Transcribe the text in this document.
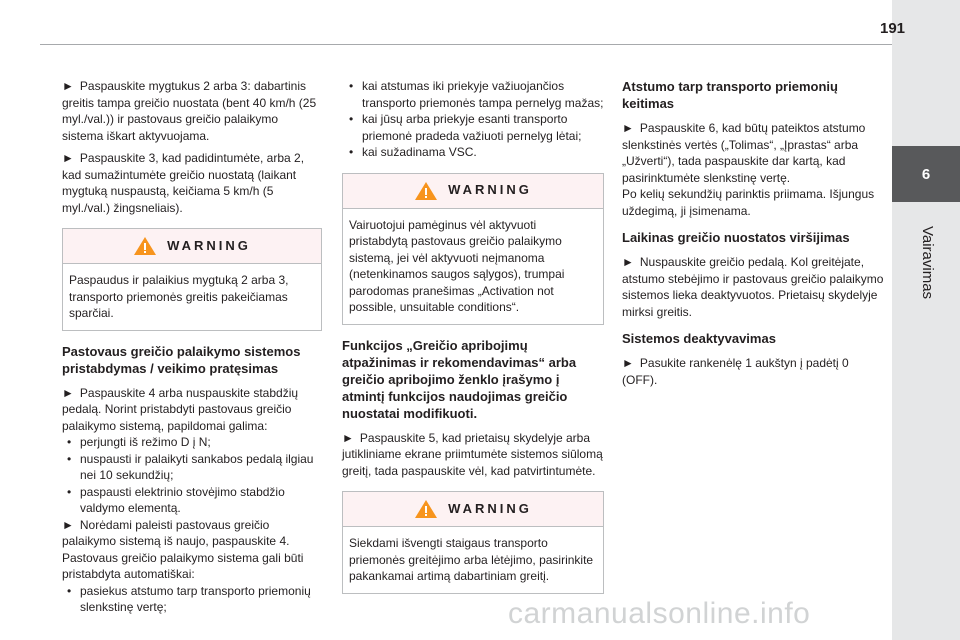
6
Vairavimas
191

► Paspauskite mygtukus 2 arba 3: dabartinis greitis tampa greičio nuostata (bent 40 km/h (25 myl./val.)) ir pastovaus greičio palaikymo sistema iškart aktyvuojama.

► Paspauskite 3, kad padidintumėte, arba 2, kad sumažintumėte greičio nuostatą (laikant mygtuką nuspaustą, keičiama 5 km/h (5 myl./val.) žingsneliais).

WARNING
Paspaudus ir palaikius mygtuką 2 arba 3, transporto priemonės greitis pakeičiamas sparčiai.
Pastovaus greičio palaikymo sistemos pristabdymas / veikimo pratęsimas

► Paspauskite 4 arba nuspauskite stabdžių pedalą. Norint pristabdyti pastovaus greičio palaikymo sistemą, papildomai galima:

• perjungti iš režimo D į N;
• nuspausti ir palaikyti sankabos pedalą ilgiau nei 10 sekundžių;
• paspausti elektrinio stovėjimo stabdžio valdymo elementą.

► Norėdami paleisti pastovaus greičio palaikymo sistemą iš naujo, paspauskite 4.

Pastovaus greičio palaikymo sistema gali būti pristabdyta automatiškai:

• pasiekus atstumo tarp transporto priemonių slenkstinę vertę;
• kai atstumas iki priekyje važiuojančios transporto priemonės tampa pernelyg mažas;
• kai jūsų arba priekyje esanti transporto priemonė pradeda važiuoti pernelyg lėtai;
• kai sužadinama VSC.
WARNING
Vairuotojui pamėginus vėl aktyvuoti pristabdytą pastovaus greičio palaikymo sistemą, jei vėl aktyvuoti neįmanoma (netenkinamos saugos sąlygos), trumpai parodomas pranešimas „Activation not possible, unsuitable conditions“.
Funkcijos „Greičio apribojimų atpažinimas ir rekomendavimas“ arba greičio apribojimo ženklo įrašymo į atmintį funkcijos naudojimas greičio nuostatai modifikuoti.

► Paspauskite 5, kad prietaisų skydelyje arba jutikliniame ekrane priimtumėte sistemos siūlomą greitį, tada paspauskite vėl, kad patvirtintumėte.

WARNING
Siekdami išvengti staigaus transporto priemonės greitėjimo arba lėtėjimo, pasirinkite pakankamai artimą dabartiniam greitį.
Atstumo tarp transporto priemonių keitimas

► Paspauskite 6, kad būtų pateiktos atstumo slenkstinės vertės („Tolimas“, „Įprastas“ arba „Užverti“), tada paspauskite dar kartą, kad pasirinktumėte slenkstinę vertę.

Po kelių sekundžių parinktis priimama. Išjungus uždegimą, ji įsimenama.

Laikinas greičio nuostatos viršijimas

► Nuspauskite greičio pedalą. Kol greitėjate, atstumo stebėjimo ir pastovaus greičio palaikymo sistemos lieka deaktyvuotos. Prietaisų skydelyje mirksi greitis.

Sistemos deaktyvavimas

► Pasukite rankenėlę 1 aukštyn į padėtį 0 (OFF).

carmanualsonline.info
